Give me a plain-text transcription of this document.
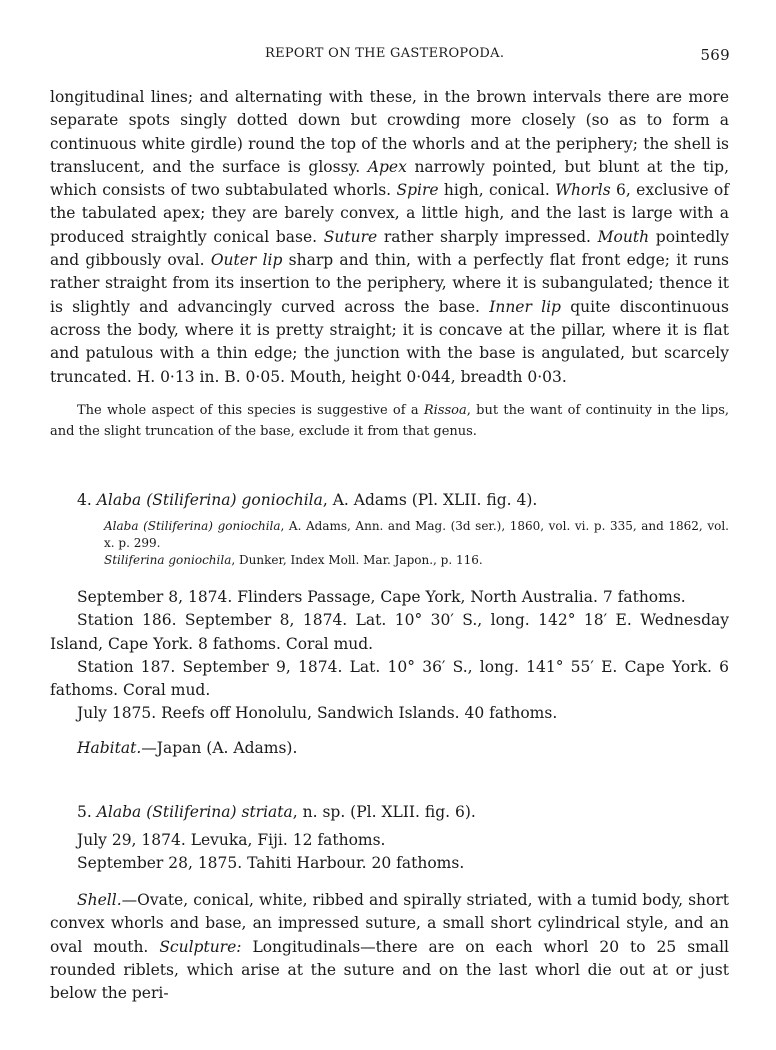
REPORT ON THE GASTEROPODA.	569

longitudinal lines; and alternating with these, in the brown intervals there are more separate spots singly dotted down but crowding more closely (so as to form a continuous white girdle) round the top of the whorls and at the periphery; the shell is translucent, and the surface is glossy. Apex narrowly pointed, but blunt at the tip, which consists of two subtabulated whorls. Spire high, conical. Whorls 6, exclusive of the tabulated apex; they are barely convex, a little high, and the last is large with a produced straightly conical base. Suture rather sharply impressed. Mouth pointedly and gibbously oval. Outer lip sharp and thin, with a perfectly flat front edge; it runs rather straight from its insertion to the periphery, where it is subangulated; thence it is slightly and advancingly curved across the base. Inner lip quite discontinuous across the body, where it is pretty straight; it is concave at the pillar, where it is flat and patulous with a thin edge; the junction with the base is angulated, but scarcely truncated. H. 0·13 in. B. 0·05. Mouth, height 0·044, breadth 0·03.

The whole aspect of this species is suggestive of a Rissoa, but the want of continuity in the lips, and the slight truncation of the base, exclude it from that genus.

4. Alaba (Stiliferina) goniochila, A. Adams (Pl. XLII. fig. 4).

Alaba (Stiliferina) goniochila, A. Adams, Ann. and Mag. (3d ser.), 1860, vol. vi. p. 335, and 1862, vol. x. p. 299.

Stiliferina goniochila, Dunker, Index Moll. Mar. Japon., p. 116.

September 8, 1874. Flinders Passage, Cape York, North Australia. 7 fathoms.

Station 186. September 8, 1874. Lat. 10° 30′ S., long. 142° 18′ E. Wednesday Island, Cape York. 8 fathoms. Coral mud.

Station 187. September 9, 1874. Lat. 10° 36′ S., long. 141° 55′ E. Cape York. 6 fathoms. Coral mud.

July 1875. Reefs off Honolulu, Sandwich Islands. 40 fathoms.

Habitat.—Japan (A. Adams).
5. Alaba (Stiliferina) striata, n. sp. (Pl. XLII. fig. 6).

July 29, 1874. Levuka, Fiji. 12 fathoms.

September 28, 1875. Tahiti Harbour. 20 fathoms.

Shell.—Ovate, conical, white, ribbed and spirally striated, with a tumid body, short convex whorls and base, an impressed suture, a small short cylindrical style, and an oval mouth. Sculpture: Longitudinals—there are on each whorl 20 to 25 small rounded riblets, which arise at the suture and on the last whorl die out at or just below the peri-
